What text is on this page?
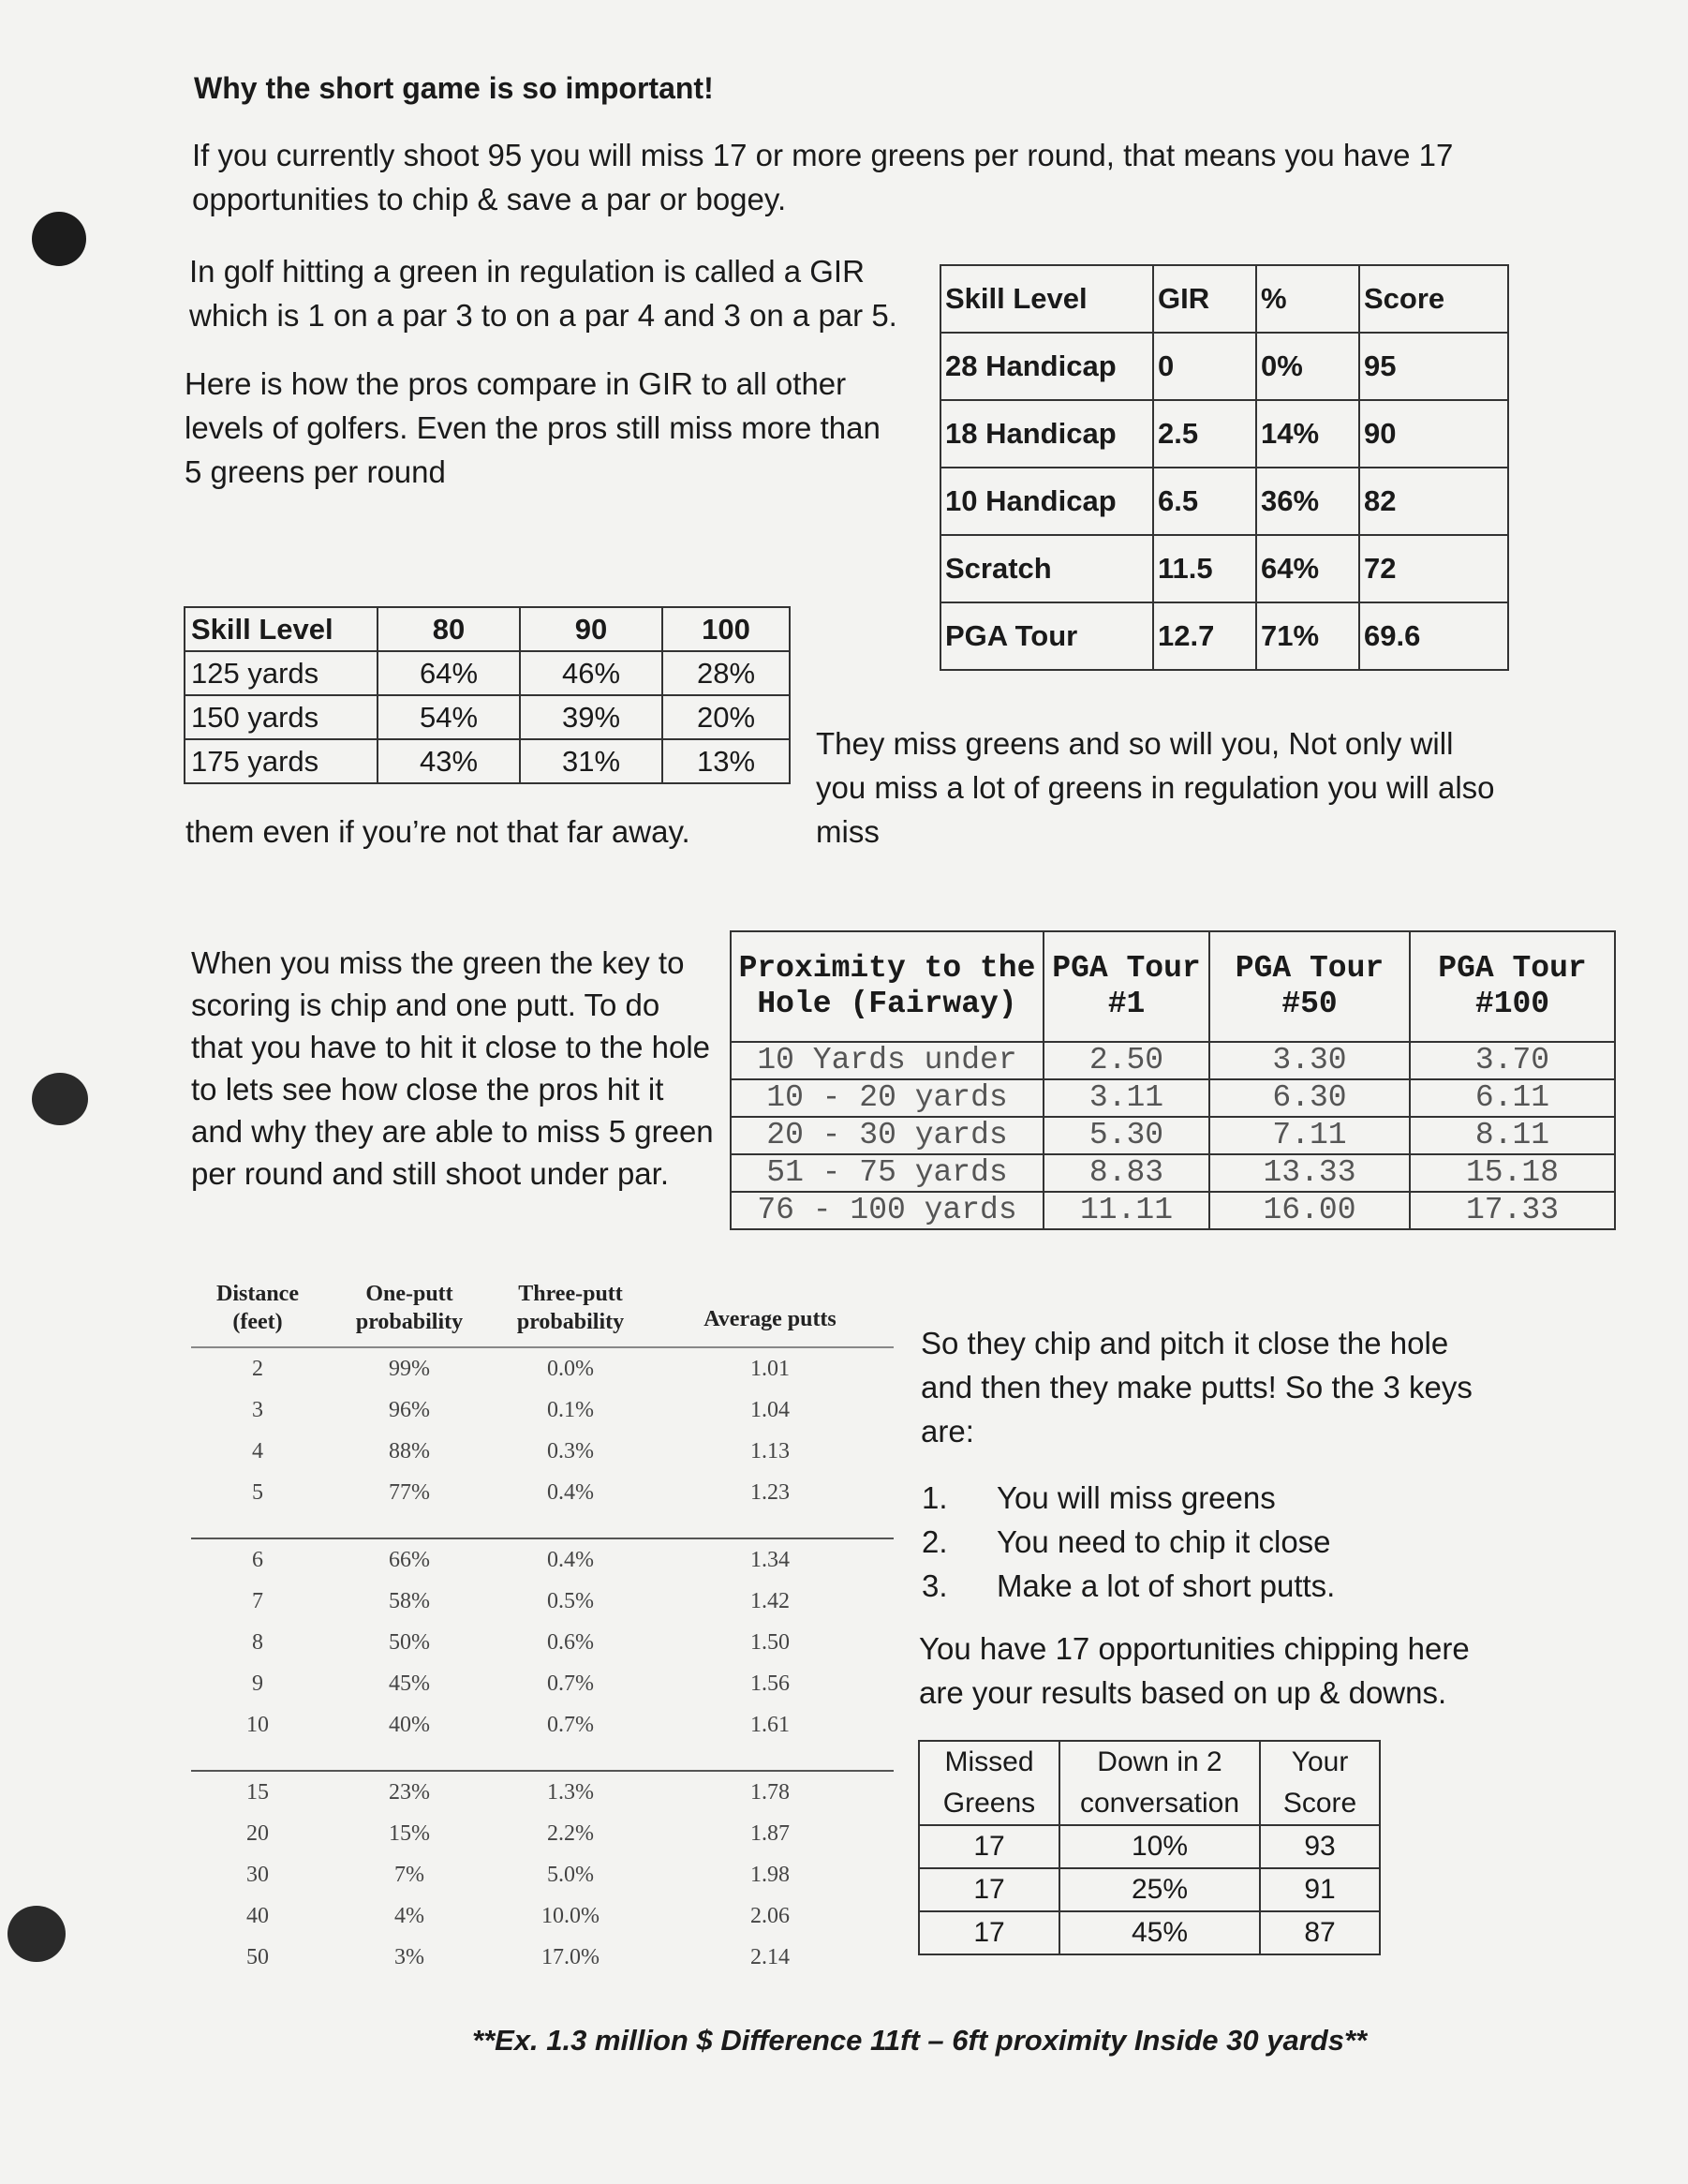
Why the short game is so important!

If you currently shoot 95 you will miss 17 or more greens per round, that means you have 17 opportunities to chip & save a par or bogey.

In golf hitting a green in regulation is called a GIR which is 1 on a par 3 to on a par 4 and 3 on a par 5.

Here is how the pros compare in GIR to all other levels of golfers. Even the pros still miss more than 5 greens per round

Skill Level	GIR	%	Score
28 Handicap	0	0%	95
18 Handicap	2.5	14%	90
10 Handicap	6.5	36%	82
Scratch	11.5	64%	72
PGA Tour	12.7	71%	69.6
Skill Level	80	90	100
125 yards	64%	46%	28%
150 yards	54%	39%	20%
175 yards	43%	31%	13% They miss greens and so will you, Not only will you miss a lot of greens in regulation you will also miss

them even if you’re not that far away.

When you miss the green the key to scoring is chip and one putt. To do that you have to hit it close to the hole to lets see how close the pros hit it and why they are able to miss 5 green per round and still shoot under par.

Proximity to the Hole (Fairway)	PGA Tour #1	PGA Tour #50	PGA Tour #100
10 Yards under	2.50	3.30	3.70
10 - 20 yards	3.11	6.30	6.11
20 - 30 yards	5.30	7.11	8.11
51 - 75 yards	8.83	13.33	15.18
76 - 100 yards	11.11	16.00	17.33
Distance (feet)	One-putt probability	Three-putt probability	Average putts
2	99%	0.0%	1.01
3	96%	0.1%	1.04
4	88%	0.3%	1.13
5	77%	0.4%	1.23

6	66%	0.4%	1.34
7	58%	0.5%	1.42
8	50%	0.6%	1.50
9	45%	0.7%	1.56
10	40%	0.7%	1.61

15	23%	1.3%	1.78
20	15%	2.2%	1.87
30	7%	5.0%	1.98
40	4%	10.0%	2.06
50	3%	17.0%	2.14

So they chip and pitch it close the hole and then they make putts! So the 3 keys are:

1. You will miss greens
2. You need to chip it close
3. Make a lot of short putts.

You have 17 opportunities chipping here are your results based on up & downs.

Missed	Down in 2	Your
Greens	conversation	Score
17	10%	93
17	25%	91
17	45%	87
**Ex. 1.3 million $ Difference 11ft – 6ft proximity Inside 30 yards**
